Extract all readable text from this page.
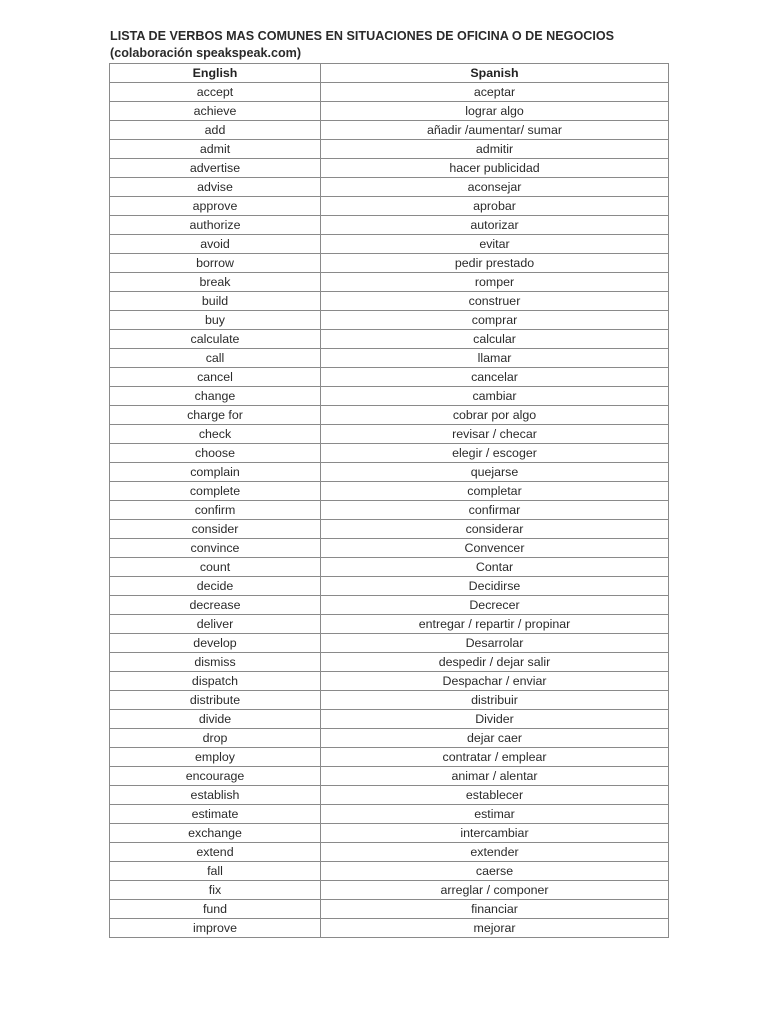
LISTA DE VERBOS MAS COMUNES EN SITUACIONES DE OFICINA O DE NEGOCIOS
(colaboración speakspeak.com)
English	Spanish
accept	aceptar
achieve	lograr algo
add	añadir /aumentar/ sumar
admit	admitir
advertise	hacer publicidad
advise	aconsejar
approve	aprobar
authorize	autorizar
avoid	evitar
borrow	pedir prestado
break	romper
build	construer
buy	comprar
calculate	calcular
call	llamar
cancel	cancelar
change	cambiar
charge for	cobrar por algo
check	revisar / checar
choose	elegir / escoger
complain	quejarse
complete	completar
confirm	confirmar
consider	considerar
convince	Convencer
count	Contar
decide	Decidirse
decrease	Decrecer
deliver	entregar / repartir / propinar
develop	Desarrolar
dismiss	despedir / dejar salir
dispatch	Despachar / enviar
distribute	distribuir
divide	Divider
drop	dejar caer
employ	contratar / emplear
encourage	animar / alentar
establish	establecer
estimate	estimar
exchange	intercambiar
extend	extender
fall	caerse
fix	arreglar / componer
fund	financiar
improve	mejorar
